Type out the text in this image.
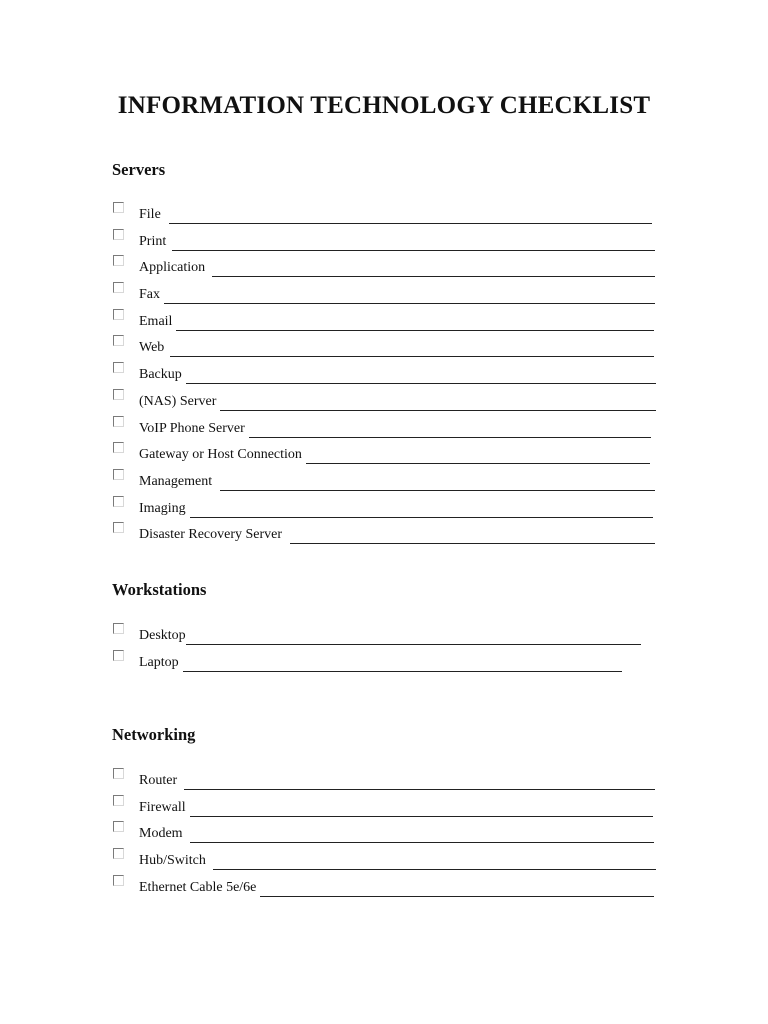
INFORMATION TECHNOLOGY CHECKLIST
Servers
File
Print
Application
Fax
Email
Web
Backup
(NAS) Server
VoIP Phone Server
Gateway or Host Connection
Management
Imaging
Disaster Recovery Server
Workstations
Desktop
Laptop
Networking
Router
Firewall
Modem
Hub/Switch
Ethernet Cable 5e/6e
